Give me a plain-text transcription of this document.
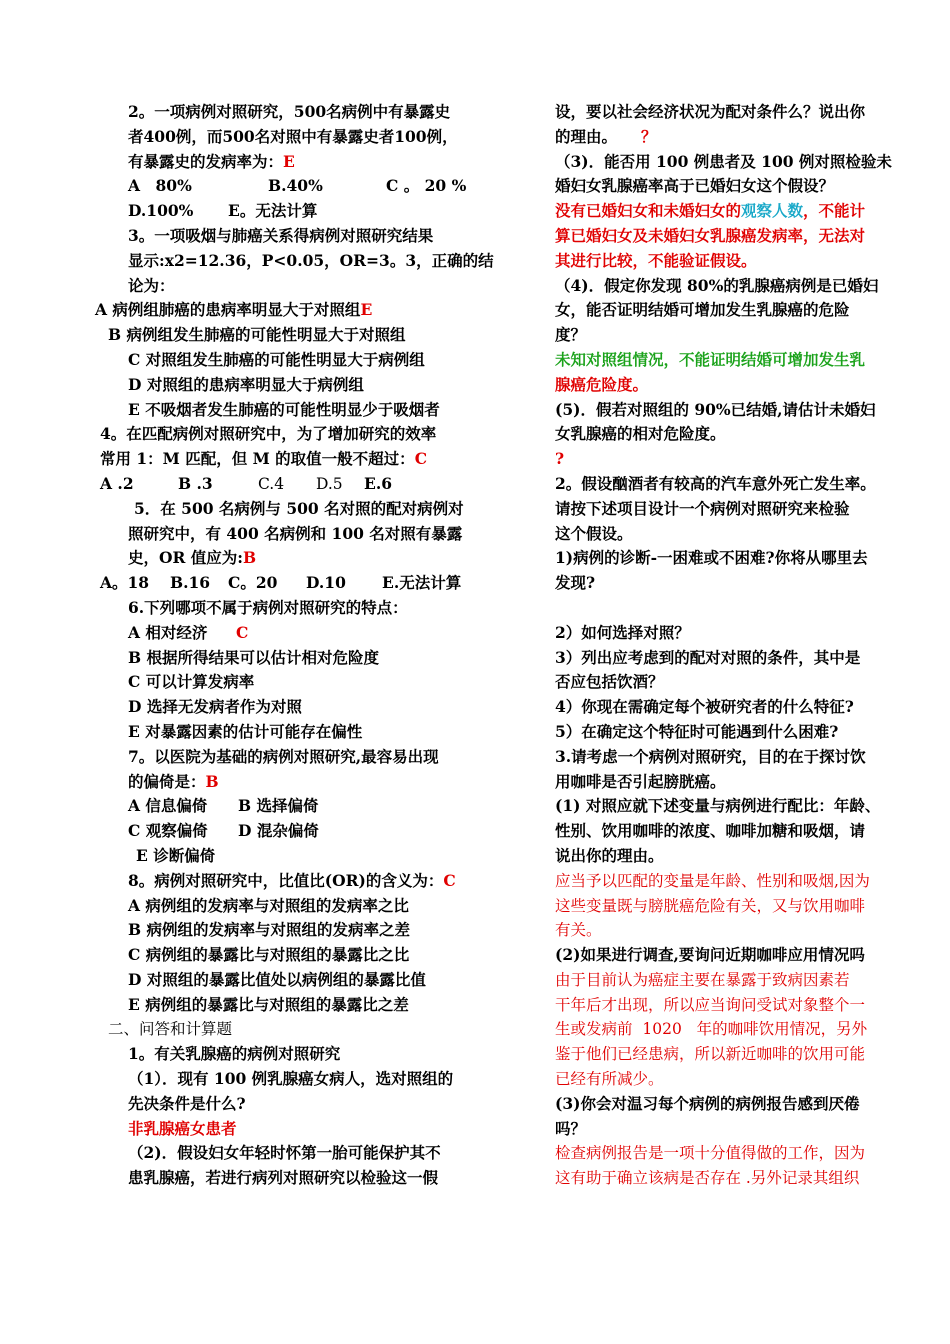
2。一项病例对照研究，500名病例中有暴露史
者400例，而500名对照中有暴露史者100例，
有暴露史的发病率为：E
A　80%	B.40%	C 。 20 %
D.100% E。无法计算
3。一项吸烟与肺癌关系得病例对照研究结果
显示:x2=12.36，P<0.05，OR=3。3，正确的结
论为：
A 病例组肺癌的患病率明显大于对照组E
B 病例组发生肺癌的可能性明显大于对照组
C 对照组发生肺癌的可能性明显大于病例组
D 对照组的患病率明显大于病例组
E 不吸烟者发生肺癌的可能性明显少于吸烟者
4。在匹配病例对照研究中，为了增加研究的效率
常用 1：M 匹配，但 M 的取值一般不超过：C
A .2	B .3	C.4 D.5 E.6
5．在 500 名病例与 500 名对照的配对病例对
照研究中，有 400 名病例和 100 名对照有暴露
史，OR 值应为:B
A。18 B.16 C。20 D.10 E.无法计算
6.下列哪项不属于病例对照研究的特点：
A 相对经济 C
B 根据所得结果可以估计相对危险度
C 可以计算发病率
D 选择无发病者作为对照
E 对暴露因素的估计可能存在偏性
7。以医院为基础的病例对照研究,最容易出现
的偏倚是：B
A 信息偏倚 B 选择偏倚
C 观察偏倚 D 混杂偏倚
E 诊断偏倚
8。病例对照研究中，比值比(OR)的含义为：C
A 病例组的发病率与对照组的发病率之比
B 病例组的发病率与对照组的发病率之差
C 病例组的暴露比与对照组的暴露比之比
D 对照组的暴露比值处以病例组的暴露比值
E 病例组的暴露比与对照组的暴露比之差
二、问答和计算题
1。有关乳腺癌的病例对照研究
（1）．现有 100 例乳腺癌女病人，选对照组的
先决条件是什么?
非乳腺癌女患者
（2)．假设妇女年轻时怀第一胎可能保护其不
患乳腺癌，若进行病列对照研究以检验这一假
设，要以社会经济状况为配对条件么？说出你
的理由。 ？
（3)．能否用 100 例患者及 100 例对照检验未
婚妇女乳腺癌率高于已婚妇女这个假设？
没有已婚妇女和未婚妇女的观察人数，不能计
算已婚妇女及未婚妇女乳腺癌发病率，无法对
其进行比较，不能验证假设。
（4)．假定你发现 80%的乳腺癌病例是已婚妇
女，能否证明结婚可增加发生乳腺癌的危险
度？
未知对照组情况，不能证明结婚可增加发生乳
腺癌危险度。
(5)．假若对照组的 90%已结婚,请估计未婚妇
女乳腺癌的相对危险度。
?
2。假设酗酒者有较高的汽车意外死亡发生率。
请按下述项目设计一个病例对照研究来检验
这个假设。
1)病例的诊断-一困难或不困难?你将从哪里去
发现?
2）如何选择对照？
3）列出应考虑到的配对对照的条件，其中是
否应包括饮酒？
4）你现在需确定每个被研究者的什么特征?
5）在确定这个特征时可能遇到什么困难?
3.请考虑一个病例对照研究，目的在于探讨饮
用咖啡是否引起膀胱癌。
(1) 对照应就下述变量与病例进行配比：年龄、
性别、饮用咖啡的浓度、咖啡加糖和吸烟，请
说出你的理由。
应当予以匹配的变量是年龄、性别和吸烟,因为
这些变量既与膀胱癌危险有关，又与饮用咖啡
有关。
(2)如果进行调查,要询问近期咖啡应用情况吗
由于目前认为癌症主要在暴露于致病因素若
干年后才出现，所以应当询问受试对象整个一
生或发病前  1020   年的咖啡饮用情况，另外
鉴于他们已经患病，所以新近咖啡的饮用可能
已经有所减少。
(3)你会对温习每个病例的病例报告感到厌倦
吗？
检查病例报告是一项十分值得做的工作，因为
这有助于确立该病是否存在 .另外记录其组织
